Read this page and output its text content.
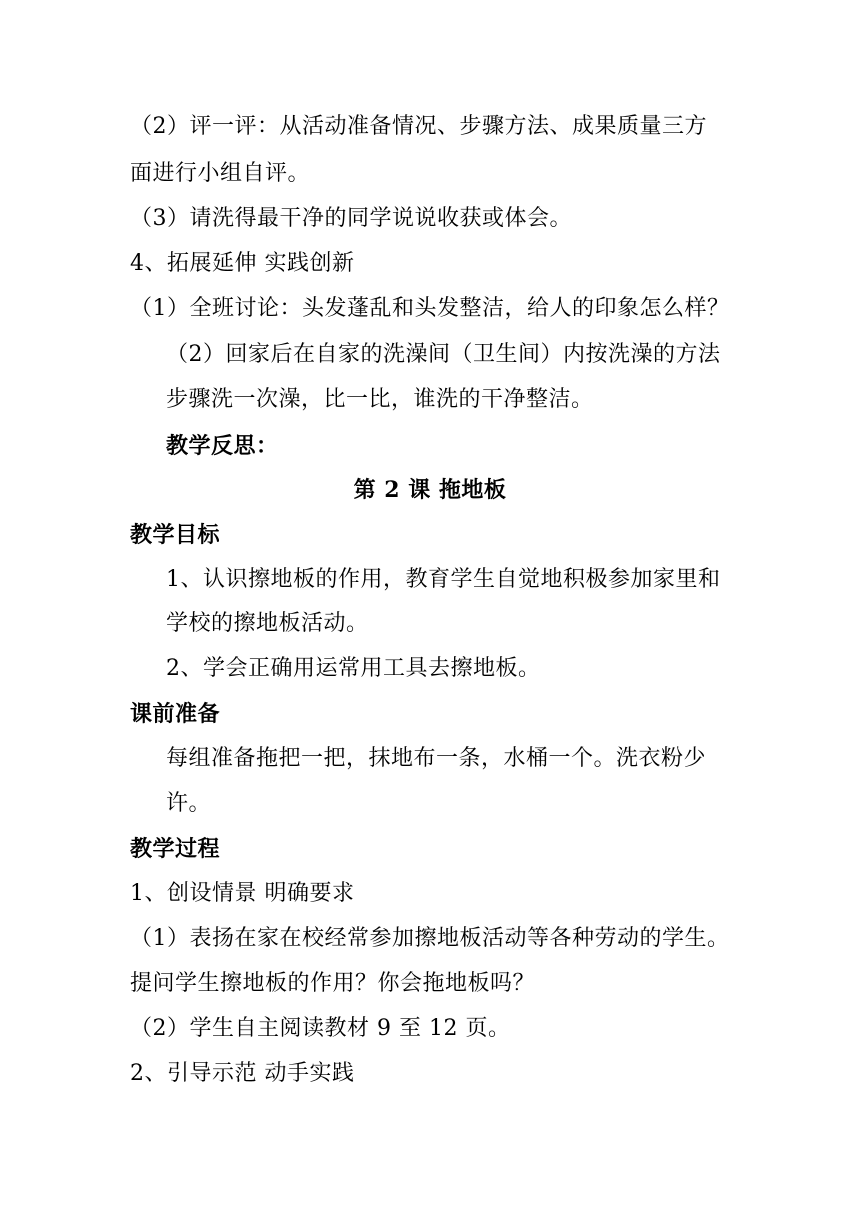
（2）评一评：从活动准备情况、步骤方法、成果质量三方
面进行小组自评。
（3）请洗得最干净的同学说说收获或体会。
4、拓展延伸 实践创新
（1）全班讨论：头发蓬乱和头发整洁，给人的印象怎么样？
（2）回家后在自家的洗澡间（卫生间）内按洗澡的方法
步骤洗一次澡，比一比，谁洗的干净整洁。
教学反思：
第 2 课 拖地板
教学目标
1、认识擦地板的作用，教育学生自觉地积极参加家里和
学校的擦地板活动。
2、学会正确用运常用工具去擦地板。
课前准备
每组准备拖把一把，抹地布一条，水桶一个。洗衣粉少
许。
教学过程
1、创设情景 明确要求
（1）表扬在家在校经常参加擦地板活动等各种劳动的学生。
提问学生擦地板的作用？你会拖地板吗？
（2）学生自主阅读教材 9 至 12 页。
2、引导示范 动手实践
